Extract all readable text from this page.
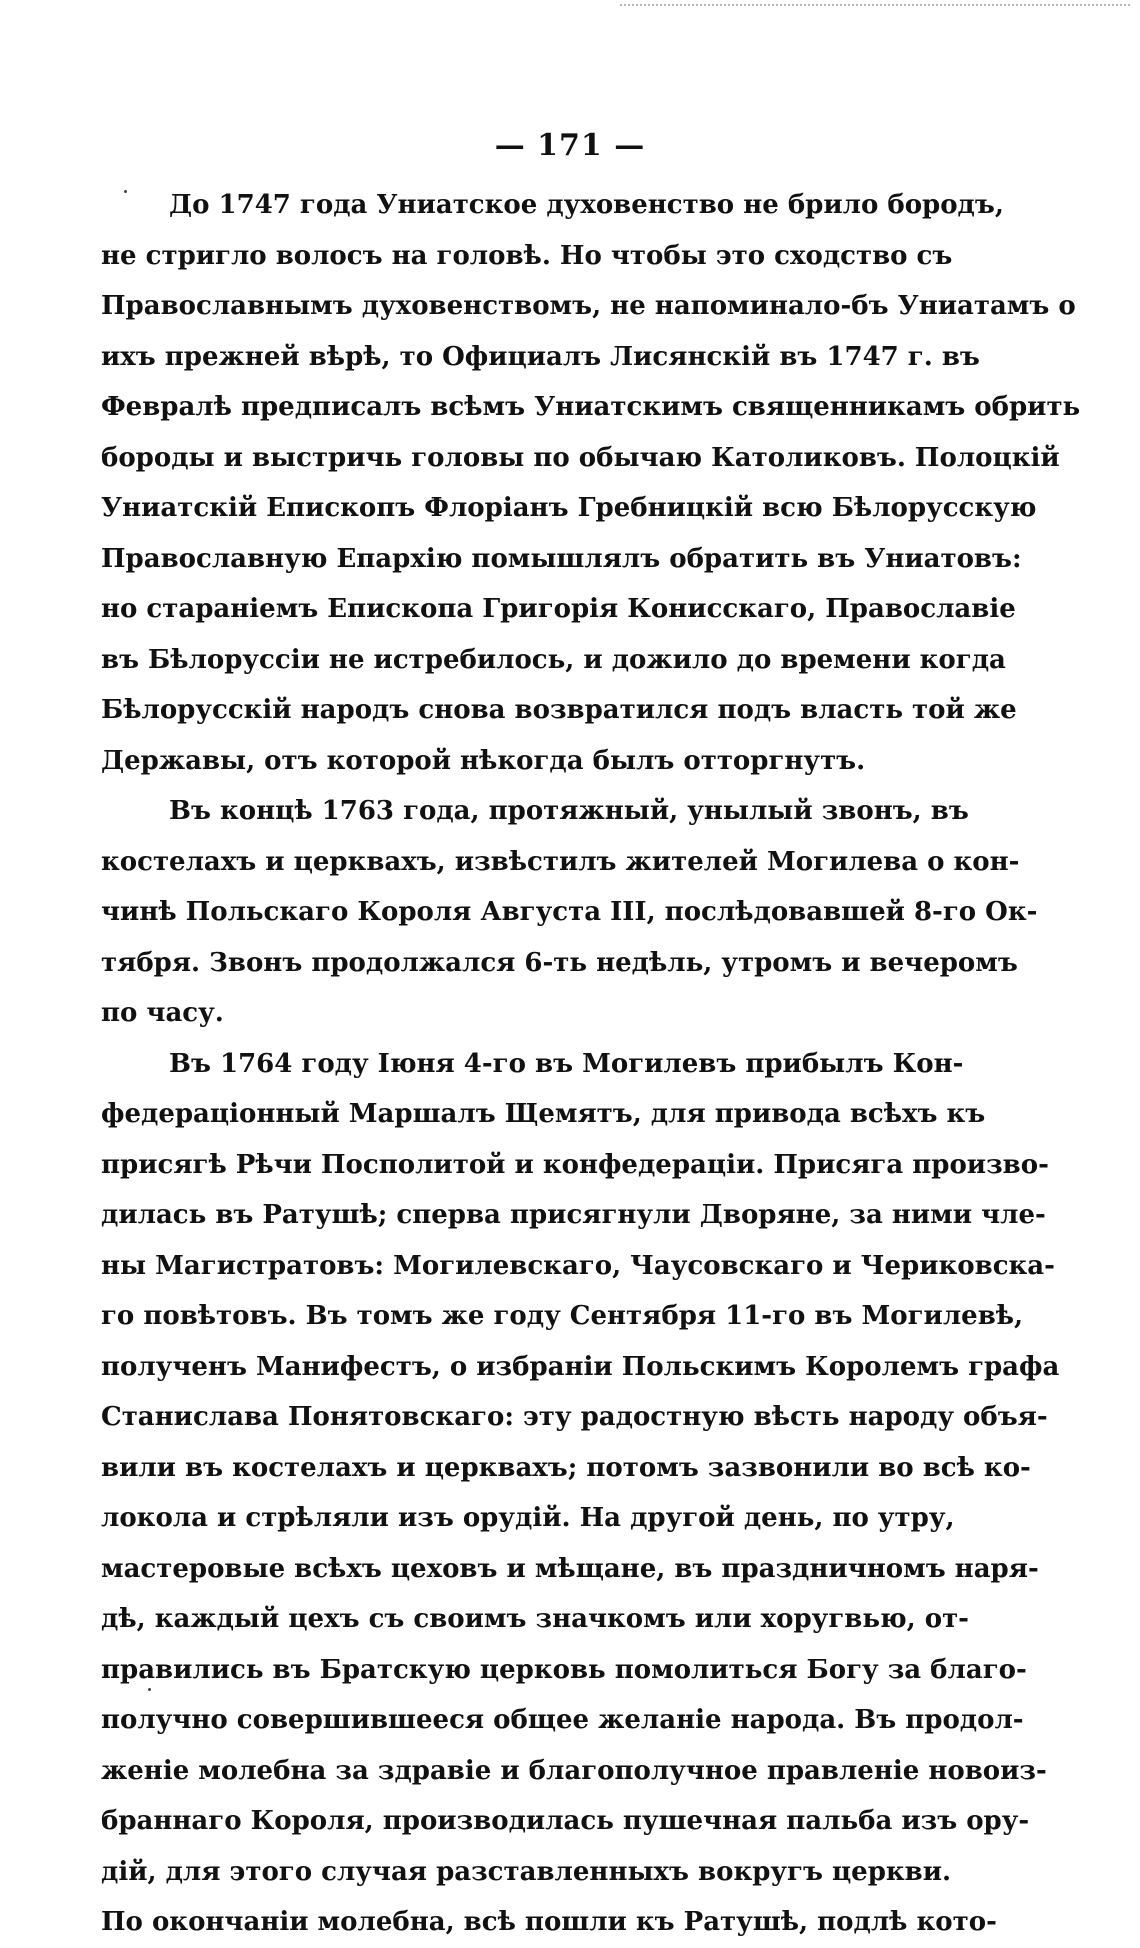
— 171 —
До 1747 года Униатское духовенство не брило бородъ,
не стригло волосъ на головѣ. Но чтобы это сходство съ
Православнымъ духовенствомъ, не напоминало-бъ Униатамъ о
ихъ прежней вѣрѣ, то Официалъ Лисянскій въ 1747 г. въ
Февралѣ предписалъ всѣмъ Униатскимъ священникамъ обрить
бороды и выстричь головы по обычаю Католиковъ. Полоцкій
Униатскій Епископъ Флоріанъ Гребницкій всю Бѣлорусскую
Православную Епархію помышлялъ обратить въ Униатовъ:
но стараніемъ Епископа Григорія Конисскаго, Православіе
въ Бѣлоруссіи не истребилось, и дожило до времени когда
Бѣлорусскій народъ снова возвратился подъ власть той же
Державы, отъ которой нѣкогда былъ отторгнутъ.
Въ концѣ 1763 года, протяжный, унылый звонъ, въ
костелахъ и церквахъ, извѣстилъ жителей Могилева о кон-
чинѣ Польскаго Короля Августа III, послѣдовавшей 8-го Ок-
тября. Звонъ продолжался 6-ть недѣль, утромъ и вечеромъ
по часу.
Въ 1764 году Іюня 4-го въ Могилевъ прибылъ Кон-
федераціонный Маршалъ Щемятъ, для привода всѣхъ къ
присягѣ Рѣчи Посполитой и конфедераціи. Присяга произво-
дилась въ Ратушѣ; сперва присягнули Дворяне, за ними чле-
ны Магистратовъ: Могилевскаго, Чаусовскаго и Чериковска-
го повѣтовъ. Въ томъ же году Сентября 11-го въ Могилевѣ,
полученъ Манифестъ, о избраніи Польскимъ Королемъ графа
Станислава Понятовскаго: эту радостную вѣсть народу объя-
вили въ костелахъ и церквахъ; потомъ зазвонили во всѣ ко-
локола и стрѣляли изъ орудій. На другой день, по утру,
мастеровые всѣхъ цеховъ и мѣщане, въ праздничномъ наря-
дѣ, каждый цехъ съ своимъ значкомъ или хоругвью, от-
правились въ Братскую церковь помолиться Богу за благо-
получно совершившееся общее желаніе народа. Въ продол-
женіе молебна за здравіе и благополучное правленіе новоиз-
браннаго Короля, производилась пушечная пальба изъ ору-
дій, для этого случая разставленныхъ вокругъ церкви.
По окончаніи молебна, всѣ пошли къ Ратушѣ, подлѣ кото-
